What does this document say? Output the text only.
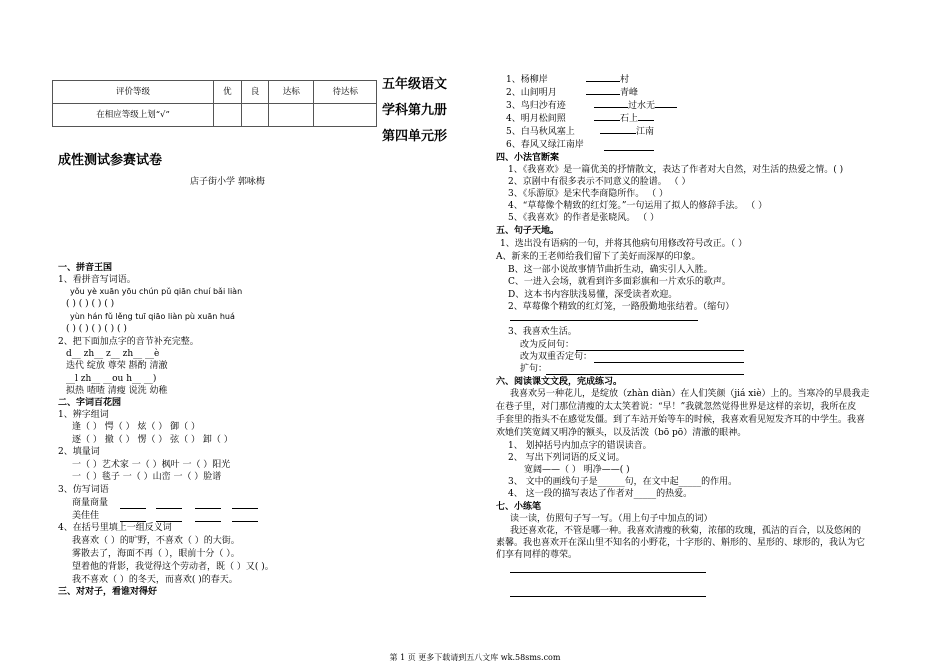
评价等级	优	良	达标	待达标
在相应等级上划“√”				
五年级语文
学科第九册
第四单元形
成性测试参赛试卷
店子街小学 郭咏梅
一、拼音王国
1、看拼音写词语。
yǒu yè xuān yōu chún pǔ qiān chuí bǎi liàn
( ) ( ) ( ) ( )
yùn hán fǔ lěng tuī qiāo liàn pù xuān huá
( ) ( ) ( ) ( ) ( )
2、把下面加点字的音节补充完整。
d__ zh__ z__ zh__ __è
迭代 绽放 尊荣 斟酌 清澈
__l zh__ __ou h__ __)
拟热 喳喳 清瘦 说洗 幼稚
二、字词百花园
1、辨字组词
逢（ ） 愕（ ） 炫（ ） 御（ ）
逐（ ） 撤（ ） 愣（ ） 弦（ ） 卸（ ）
2、填量词
一（ ）艺术家 一（ ）枫叶 一（ ）阳光
一（ ）毯子 一（ ）山峦 一（ ）脸谱
3、仿写词语
商量商量
美佳佳
4、在括号里填上一组反义词
我喜欢（ ）的旷野，不喜欢（ ）的大街。
雾散去了，海面不再（ ），眼前十分（ ）。
望着他的背影，我觉得这个劳动者，既（ ）又( )。
我不喜欢（ ）的冬天，而喜欢( )的春天。
三、对对子，看谁对得好
1、杨柳岸	村
2、山间明月	青峰
3、鸟归沙有迹	过水无
4、明月松间照	石上
5、白马秋风塞上	江南
6、春风又绿江南岸
四、小法官断案
1、《我喜欢》是一篇优美的抒情散文，表达了作者对大自然，对生活的热爱之情。( )
2、京剧中有很多表示不同意义的脸谱。 （ ）
3、《乐游原》是宋代李商隐所作。 （ ）
4、“草莓像个精致的红灯笼。”一句运用了拟人的修辞手法。 （ ）
5、《我喜欢》的作者是张晓风。 （ ）
五、句子天地。
1、选出没有语病的一句，并将其他病句用修改符号改正。（ ）
A、新来的王老师给我们留下了美好而深厚的印象。
B、这一部小说故事情节曲折生动，确实引人入胜。
C、一进入会场，就看到许多面彩旗和一片欢乐的歌声。
D、这本书内容肤浅易懂，深受读者欢迎。
2、草莓像个精致的红灯笼，一路殷勤地张结着。（缩句）
3、我喜欢生活。
改为反问句：
改为双重否定句：
扩句：
六、阅读课文文段，完成练习。
我喜欢另一种花儿，是绽放（zhàn diàn）在人们笑颜（jiá xiè）上的。当寒冷的早晨我走
在巷子里，对门那位清瘦的太太笑着说：“早！”我就忽然觉得世界是这样的亲切，我所在皮
手套里的指头不在感觉发僵。到了车站开始等车的时候，我喜欢看见短发齐耳的中学生。我喜
欢她们笑宽阔又明净的额头，以及活泼（bō pō）清澈的眼神。
1、 划掉括号内加点字的错误读音。
2、 写出下列词语的反义词。
宽阔——（ ） 明净——( )
3、 文中的画线句子是______句，在文中起_____的作用。
4、 这一段的描写表达了作者对_____的热爱。
七、小练笔
读一读，仿照句子写一写。（用上句子中加点的词）
我还喜欢花，不管是哪一种。我喜欢清瘦的秋菊，浓郁的玫瑰，孤洁的百合，以及悠闲的
素馨。我也喜欢开在深山里不知名的小野花，十字形的、斛形的、星形的、球形的，我认为它
们享有同样的尊荣。
第 1 页 更多下载请到五八文库 wk.58sms.com
